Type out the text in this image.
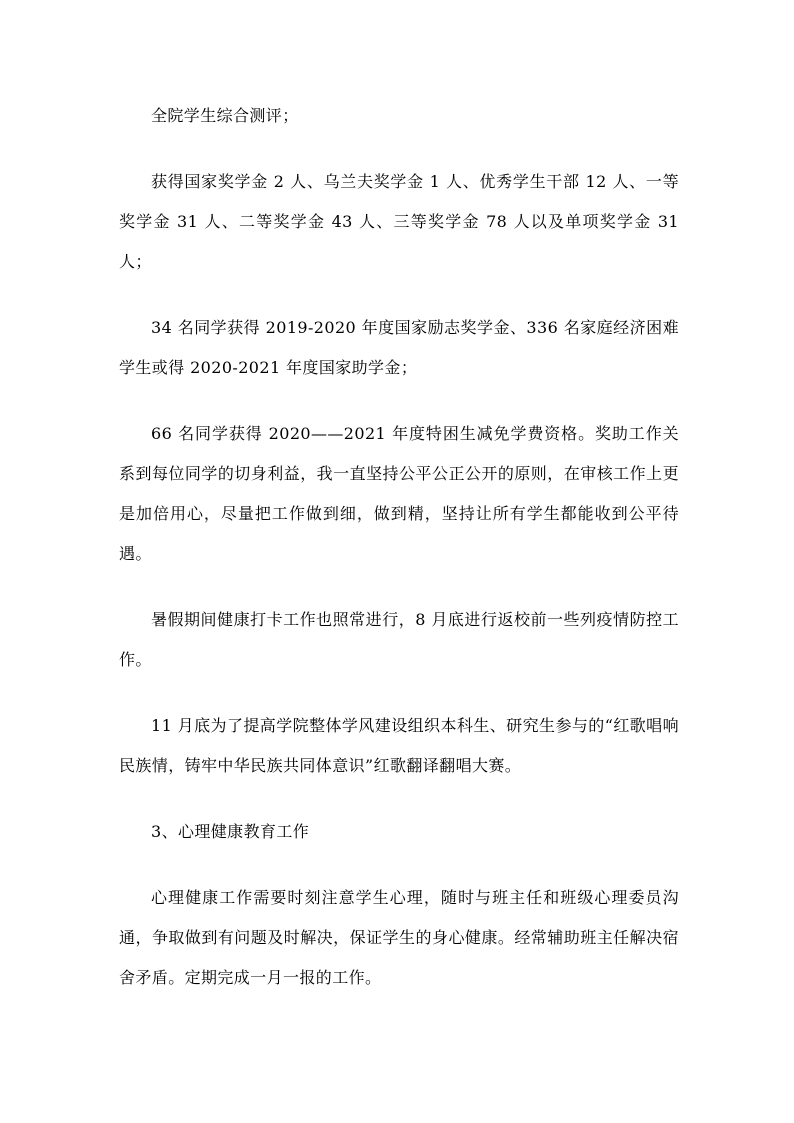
全院学生综合测评；

获得国家奖学金 2 人、乌兰夫奖学金 1 人、优秀学生干部 12 人、一等奖学金 31 人、二等奖学金 43 人、三等奖学金 78 人以及单项奖学金 31 人；

34 名同学获得 2019-2020 年度国家励志奖学金、336 名家庭经济困难学生或得 2020-2021 年度国家助学金；

66 名同学获得 2020——2021 年度特困生减免学费资格。奖助工作关系到每位同学的切身利益，我一直坚持公平公正公开的原则，在审核工作上更是加倍用心，尽量把工作做到细，做到精，坚持让所有学生都能收到公平待遇。

暑假期间健康打卡工作也照常进行，8 月底进行返校前一些列疫情防控工作。

11 月底为了提高学院整体学风建设组织本科生、研究生参与的“红歌唱响民族情，铸牢中华民族共同体意识”红歌翻译翻唱大赛。

3、心理健康教育工作

心理健康工作需要时刻注意学生心理，随时与班主任和班级心理委员沟通，争取做到有问题及时解决，保证学生的身心健康。经常辅助班主任解决宿舍矛盾。定期完成一月一报的工作。
